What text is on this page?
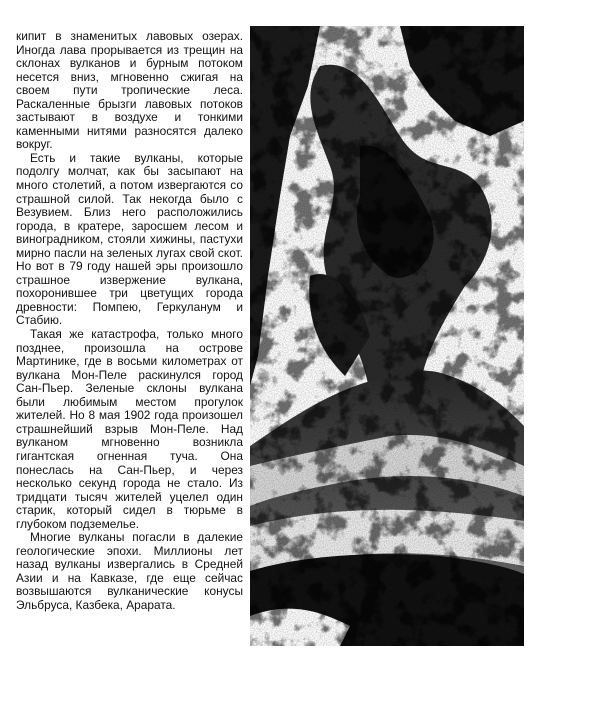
кипит в знаменитых лавовых озерах. Иногда лава прорывается из трещин на склонах вулканов и бурным потоком несется вниз, мгновенно сжигая на своем пути тропические леса. Раскаленные брызги лавовых потоков застывают в воздухе и тонкими каменными нитями разносятся далеко вокруг.

Есть и такие вулканы, которые подолгу молчат, как бы засыпают на много столетий, а потом извергаются со страшной силой. Так некогда было с Везувием. Близ него расположились города, в кратере, заросшем лесом и виноградником, стояли хижины, пастухи мирно пасли на зеленых лугах свой скот. Но вот в 79 году нашей эры произошло страшное извержение вулкана, похоронившее три цветущих города древности: Помпею, Геркуланум и Стабию.

Такая же катастрофа, только много позднее, произошла на острове Мартинике, где в восьми километрах от вулкана Мон-Пеле раскинулся город Сан-Пьер. Зеленые склоны вулкана были любимым местом прогулок жителей. Но 8 мая 1902 года произошел страшнейший взрыв Мон-Пеле. Над вулканом мгновенно возникла гигантская огненная туча. Она понеслась на Сан-Пьер, и через несколько секунд города не стало. Из тридцати тысяч жителей уцелел один старик, который сидел в тюрьме в глубоком подземелье.

Многие вулканы погасли в далекие геологические эпохи. Миллионы лет назад вулканы извергались в Средней Азии и на Кавказе, где еще сейчас возвышаются вулканические конусы Эльбруса, Казбека, Арарата.
